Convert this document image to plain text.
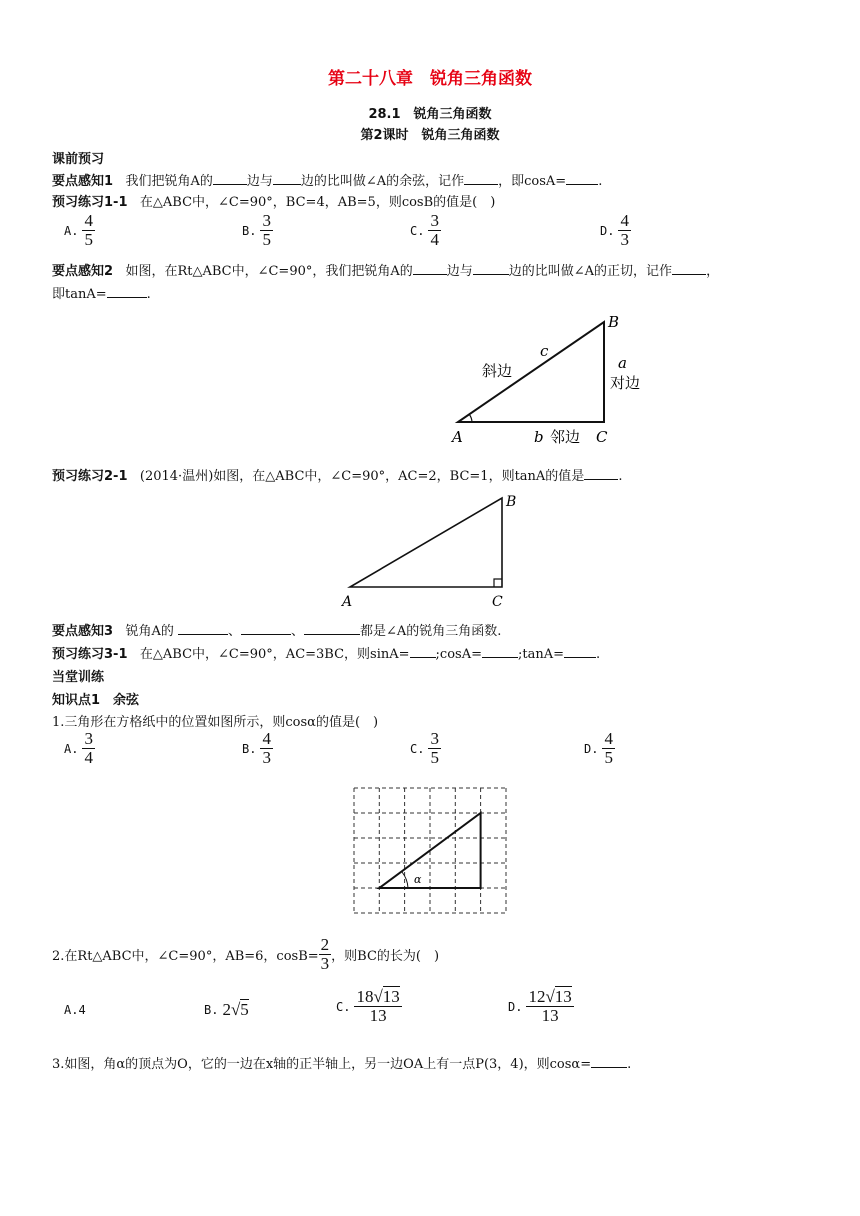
第二十八章　锐角三角函数
28.1　锐角三角函数
第2课时　锐角三角函数
课前预习
要点感知1 我们把锐角A的	边与 边的比叫做∠A的余弦，记作	，即cosA= .
预习练习1-1 在△ABC中，∠C=90°，BC=4，AB=5，则cosB的值是(　)
A. $\frac{4}{5}$	B. $\frac{3}{5}$	C. $\frac{3}{4}$	D. $\frac{4}{3}$
要点感知2 如图，在Rt△ABC中，∠C=90°，我们把锐角A的	边与	边的比叫做∠A的正切，记作	，
即tanA=	.
B
A	C
c
a
b
斜边
对边
邻边
预习练习2-1 (2014·温州)如图，在△ABC中，∠C=90°，AC=2，BC=1，则tanA的值是	.
B
A	C
要点感知3 锐角A的	、	、	都是∠A的锐角三角函数.
预习练习3-1 在△ABC中，∠C=90°，AC=3BC，则sinA= ;cosA=	;tanA= .
当堂训练
知识点1　余弦
1.三角形在方格纸中的位置如图所示，则cosα的值是(　)
A. $\frac{3}{4}$	B. $\frac{4}{3}$	C. $\frac{3}{5}$	D. $\frac{4}{5}$
α
2.在Rt△ABC中，∠C=90°，AB=6，$\cos B= \frac{2}{3}$ ，则BC的长为(　)
A.4	B. 2√5	C. $\frac{18√13}{13}$	D. $\frac{12√13}{13}$
3.如图，角α的顶点为O，它的一边在x轴的正半轴上，另一边OA上有一点P(3，4)，则cosα=	.
